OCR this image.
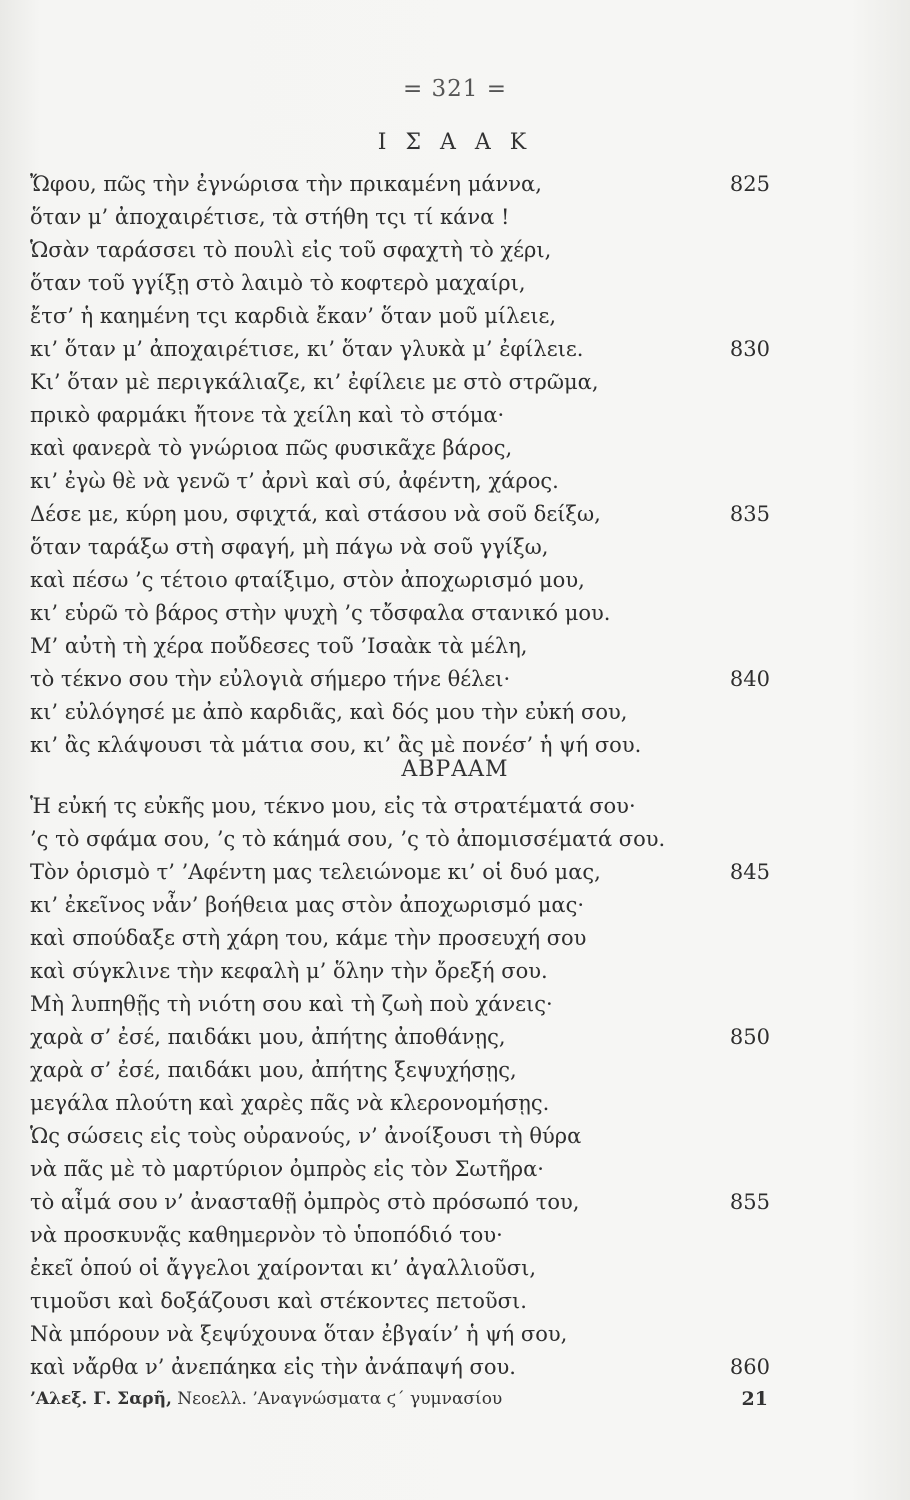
= 321 =
Ι Σ Α Α Κ
Ὤφου, πῶς τὴν ἐγνώρισα τὴν πρικαμένη μάννα,	825
ὅταν μ’ ἀποχαιρέτισε, τὰ στήθη τςι τί κάνα !
Ὡσὰν ταράσσει τὸ πουλὶ εἰς τοῦ σφαχτὴ τὸ χέρι,
ὅταν τοῦ γγίξῃ στὸ λαιμὸ τὸ κοφτερὸ μαχαίρι,
ἔτσ’ ἡ καημένη τςι καρδιὰ ἔκαν’ ὅταν μοῦ μίλειε,
κι’ ὅταν μ’ ἀποχαιρέτισε, κι’ ὅταν γλυκὰ μ’ ἐφίλειε.	830
Κι’ ὅταν μὲ περιγκάλιαζε, κι’ ἐφίλειε με στὸ στρῶμα,
πρικὸ φαρμάκι ἤτονε τὰ χείλη καὶ τὸ στόμα·
καὶ φανερὰ τὸ γνώριοα πῶς φυσικᾶχε βάρος,
κι’ ἐγὼ θὲ νὰ γενῶ τ’ ἀρνὶ καὶ σύ, ἀφέντη, χάρος.
Δέσε με, κύρη μου, σφιχτά, καὶ στάσου νὰ σοῦ δείξω,	835
ὅταν ταράξω στὴ σφαγή, μὴ πάγω νὰ σοῦ γγίξω,
καὶ πέσω ’ς τέτοιο φταίξιμο, στὸν ἀποχωρισμό μου,
κι’ εὑρῶ τὸ βάρος στὴν ψυχὴ ’ς τὄσφαλα στανικό μου.
Μ’ αὐτὴ τὴ χέρα ποὔδεσες τοῦ ’Ισαὰκ τὰ μέλη,
τὸ τέκνο σου τὴν εὐλογιὰ σήμερο τήνε θέλει·	840
κι’ εὐλόγησέ με ἀπὸ καρδιᾶς, καὶ δός μου τὴν εὐκή σου,
κι’ ἂς κλάψουσι τὰ μάτια σου, κι’ ἂς μὲ πονέσ’ ἡ ψή σου.
ΑΒΡΑΑΜ
Ἡ εὐκή τς εὐκῆς μου, τέκνο μου, εἰς τὰ στρατέματά σου·
’ς τὸ σφάμα σου, ’ς τὸ κάημά σου, ’ς τὸ ἀπομισσέματά σου.
Τὸν ὁρισμὸ τ’ ’Αφέντη μας τελειώνομε κι’ οἱ δυό μας,	845
κι’ ἐκεῖνος νἆν’ βοήθεια μας στὸν ἀποχωρισμό μας·
καὶ σπούδαξε στὴ χάρη του, κάμε τὴν προσευχή σου
καὶ σύγκλινε τὴν κεφαλὴ μ’ ὅλην τὴν ὄρεξή σου.
Μὴ λυπηθῇς τὴ νιότη σου καὶ τὴ ζωὴ ποὺ χάνεις·
χαρὰ σ’ ἐσέ, παιδάκι μου, ἀπήτης ἀποθάνῃς,	850
χαρὰ σ’ ἐσέ, παιδάκι μου, ἀπήτης ξεψυχήσῃς,
μεγάλα πλούτη καὶ χαρὲς πᾶς νὰ κλερονομήσῃς.
Ὡς σώσεις εἰς τοὺς οὐρανούς, ν’ ἀνοίξουσι τὴ θύρα
νὰ πᾶς μὲ τὸ μαρτύριον ὀμπρὸς εἰς τὸν Σωτῆρα·
τὸ αἶμά σου ν’ ἀνασταθῇ ὀμπρὸς στὸ πρόσωπό του,	855
νὰ προσκυνᾷς καθημερνὸν τὸ ὑποπόδιό του·
ἐκεῖ ὁπού οἱ ἄγγελοι χαίρονται κι’ ἀγαλλιοῦσι,
τιμοῦσι καὶ δοξάζουσι καὶ στέκοντες πετοῦσι.
Νὰ μπόρουν νὰ ξεψύχουνα ὅταν ἐβγαίν’ ἡ ψή σου,
καὶ νἄρθα ν’ ἀνεπάηκα εἰς τὴν ἀνάπαψή σου.	860
’Αλεξ. Γ. Σαρῆ, Νεοελλ. ’Αναγνώσματα ϛ΄ γυμνασίου	21
